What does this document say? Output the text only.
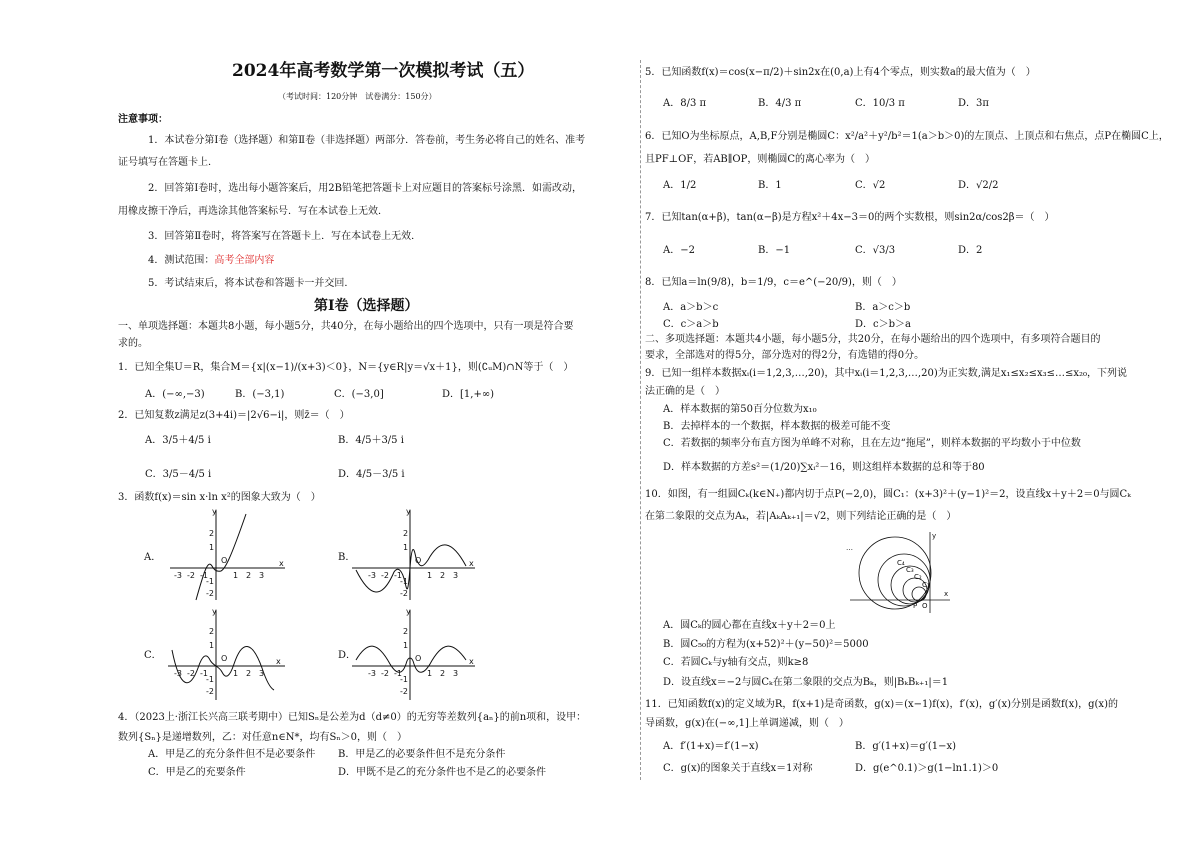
2024年高考数学第一次模拟考试（五）
（考试时间：120分钟　试卷满分：150分）
注意事项：
1．本试卷分第Ⅰ卷（选择题）和第Ⅱ卷（非选择题）两部分．答卷前，考生务必将自己的姓名、准考
证号填写在答题卡上．
2．回答第Ⅰ卷时，选出每小题答案后，用2B铅笔把答题卡上对应题目的答案标号涂黑．如需改动，
用橡皮擦干净后，再选涂其他答案标号．写在本试卷上无效．
3．回答第Ⅱ卷时，将答案写在答题卡上．写在本试卷上无效．
4．测试范围：高考全部内容
5．考试结束后，将本试卷和答题卡一并交回．
第Ⅰ卷（选择题）
一、单项选择题：本题共8小题，每小题5分，共40分，在每小题给出的四个选项中，只有一项是符合要
求的。
1．已知全集U＝R，集合M＝{x|(x−1)/(x+3)＜0}，N＝{y∈R|y＝√x＋1}，则(∁ᵤM)∩N等于（　）
A．(−∞,−3)	B．(−3,1)	C．(−3,0]	D．[1,+∞)
2．已知复数z满足z(3+4i)＝|2√6−i|，则z̄＝（　）
A．3/5＋4/5 i	B．4/5＋3/5 i
C．3/5－4/5 i	D．4/5－3/5 i
3．函数f(x)＝sin x·ln x²的图象大致为（　）
A．	B．
C．	D．
x
y
O
-3 -2 -1	1 2 3
2
1
-1
-2
x
y
O
-3 -2 -1	1 2 3
2
1
-1
-2
x
y
O
-3 -2 -1	1 2 3
2
1
-1
-2
x
y
O
-3 -2 -1	1 2 3
2
1
-1
-2
4．（2023上·浙江长兴高三联考期中）已知Sₙ是公差为d（d≠0）的无穷等差数列{aₙ}的前n项和，设甲：
数列{Sₙ}是递增数列，乙：对任意n∈N*，均有Sₙ＞0，则（　）
A．甲是乙的充分条件但不是必要条件 B．甲是乙的必要条件但不是充分条件
C．甲是乙的充要条件	D．甲既不是乙的充分条件也不是乙的必要条件
5．已知函数f(x)＝cos(x−π/2)＋sin2x在(0,a)上有4个零点，则实数a的最大值为（　）
A．8/3 π	B．4/3 π	C．10/3 π	D．3π
6．已知O为坐标原点，A,B,F分别是椭圆C：x²/a²＋y²/b²＝1(a＞b＞0)的左顶点、上顶点和右焦点，点P在椭圆C上，
且PF⊥OF，若AB∥OP，则椭圆C的离心率为（　）
A．1/2	B．1	C．√2	D．√2/2
7．已知tan(α+β)，tan(α−β)是方程x²＋4x−3＝0的两个实数根，则sin2α/cos2β＝（　）
A．−2	B．−1	C．√3/3	D．2
8．已知a＝ln(9/8)，b＝1/9，c＝e^(−20/9)，则（　）
A．a＞b＞c	B．a＞c＞b
C．c＞a＞b	D．c＞b＞a
二、多项选择题：本题共4小题，每小题5分，共20分，在每小题给出的四个选项中，有多项符合题目的
要求，全部选对的得5分，部分选对的得2分，有选错的得0分。
9．已知一组样本数据xᵢ(i＝1,2,3,…,20)，其中xᵢ(i＝1,2,3,…,20)为正实数,满足x₁≤x₂≤x₃≤…≤x₂₀，下列说
法正确的是（　）
A．样本数据的第50百分位数为x₁₀
B．去掉样本的一个数据，样本数据的极差可能不变
C．若数据的频率分布直方图为单峰不对称，且在左边“拖尾”，则样本数据的平均数小于中位数
D．样本数据的方差s²＝(1/20)∑xᵢ²－16，则这组样本数据的总和等于80
10．如图，有一组圆Cₖ(k∈N₊)都内切于点P(−2,0)，圆C₁：(x+3)²＋(y−1)²＝2，设直线x＋y＋2＝0与圆Cₖ
在第二象限的交点为Aₖ，若|AₖAₖ₊₁|＝√2，则下列结论正确的是（　）
…
y
x
P O
C₁
C₂
C₃
C₄
A．圆Cₖ的圆心都在直线x＋y＋2＝0上
B．圆C₅₀的方程为(x+52)²＋(y−50)²＝5000
C．若圆Cₖ与y轴有交点，则k≥8
D．设直线x＝−2与圆Cₖ在第二象限的交点为Bₖ，则|BₖBₖ₊₁|＝1
11．已知函数f(x)的定义域为R，f(x+1)是奇函数，g(x)＝(x−1)f(x)，f′(x)，g′(x)分别是函数f(x)，g(x)的
导函数，g(x)在(−∞,1]上单调递减，则（　）
A．f′(1+x)＝f′(1−x)	B．g′(1+x)＝g′(1−x)
C．g(x)的图象关于直线x＝1对称	D．g(e^0.1)＞g(1−ln1.1)＞0
